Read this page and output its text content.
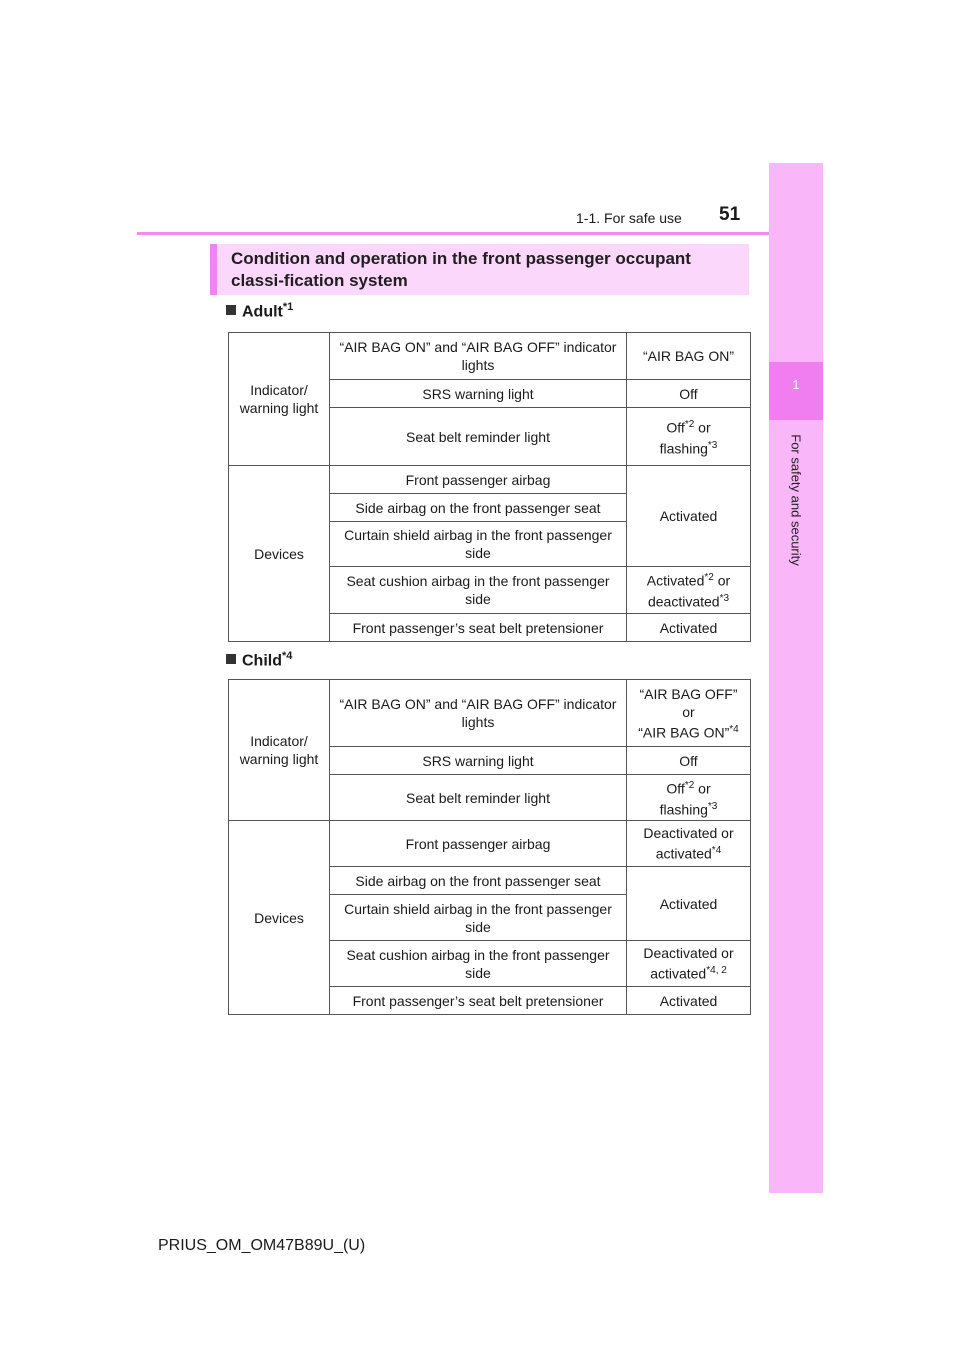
1-1. For safe use 51
1
For safety and security
Condition and operation in the front passenger occupant classi-fication system
Adult$^{*1}$
Indicator/ warning light	“AIR BAG ON” and “AIR BAG OFF” indicator lights	“AIR BAG ON”
	SRS warning light	Off
	Seat belt reminder light	Off$^{*2}$ or
flashing$^{*3}$
Devices	Front passenger airbag	Activated
	Side airbag on the front passenger seat	
	Curtain shield airbag in the front passenger side	
	Seat cushion airbag in the front passenger side	Activated$^{*2}$ or
deactivated$^{*3}$
	Front passenger’s seat belt pretensioner	Activated
Child$^{*4}$
Indicator/ warning light	“AIR BAG ON” and “AIR BAG OFF” indicator lights	“AIR BAG OFF”
or
“AIR BAG ON”$^{*4}$
	SRS warning light	Off
	Seat belt reminder light	Off$^{*2}$ or
flashing$^{*3}$
Devices	Front passenger airbag	Deactivated or
activated$^{*4}$
	Side airbag on the front passenger seat	Activated
	Curtain shield airbag in the front passenger side	
	Seat cushion airbag in the front passenger side	Deactivated or
activated$^{*4, 2}$
	Front passenger’s seat belt pretensioner	Activated
PRIUS_OM_OM47B89U_(U)
